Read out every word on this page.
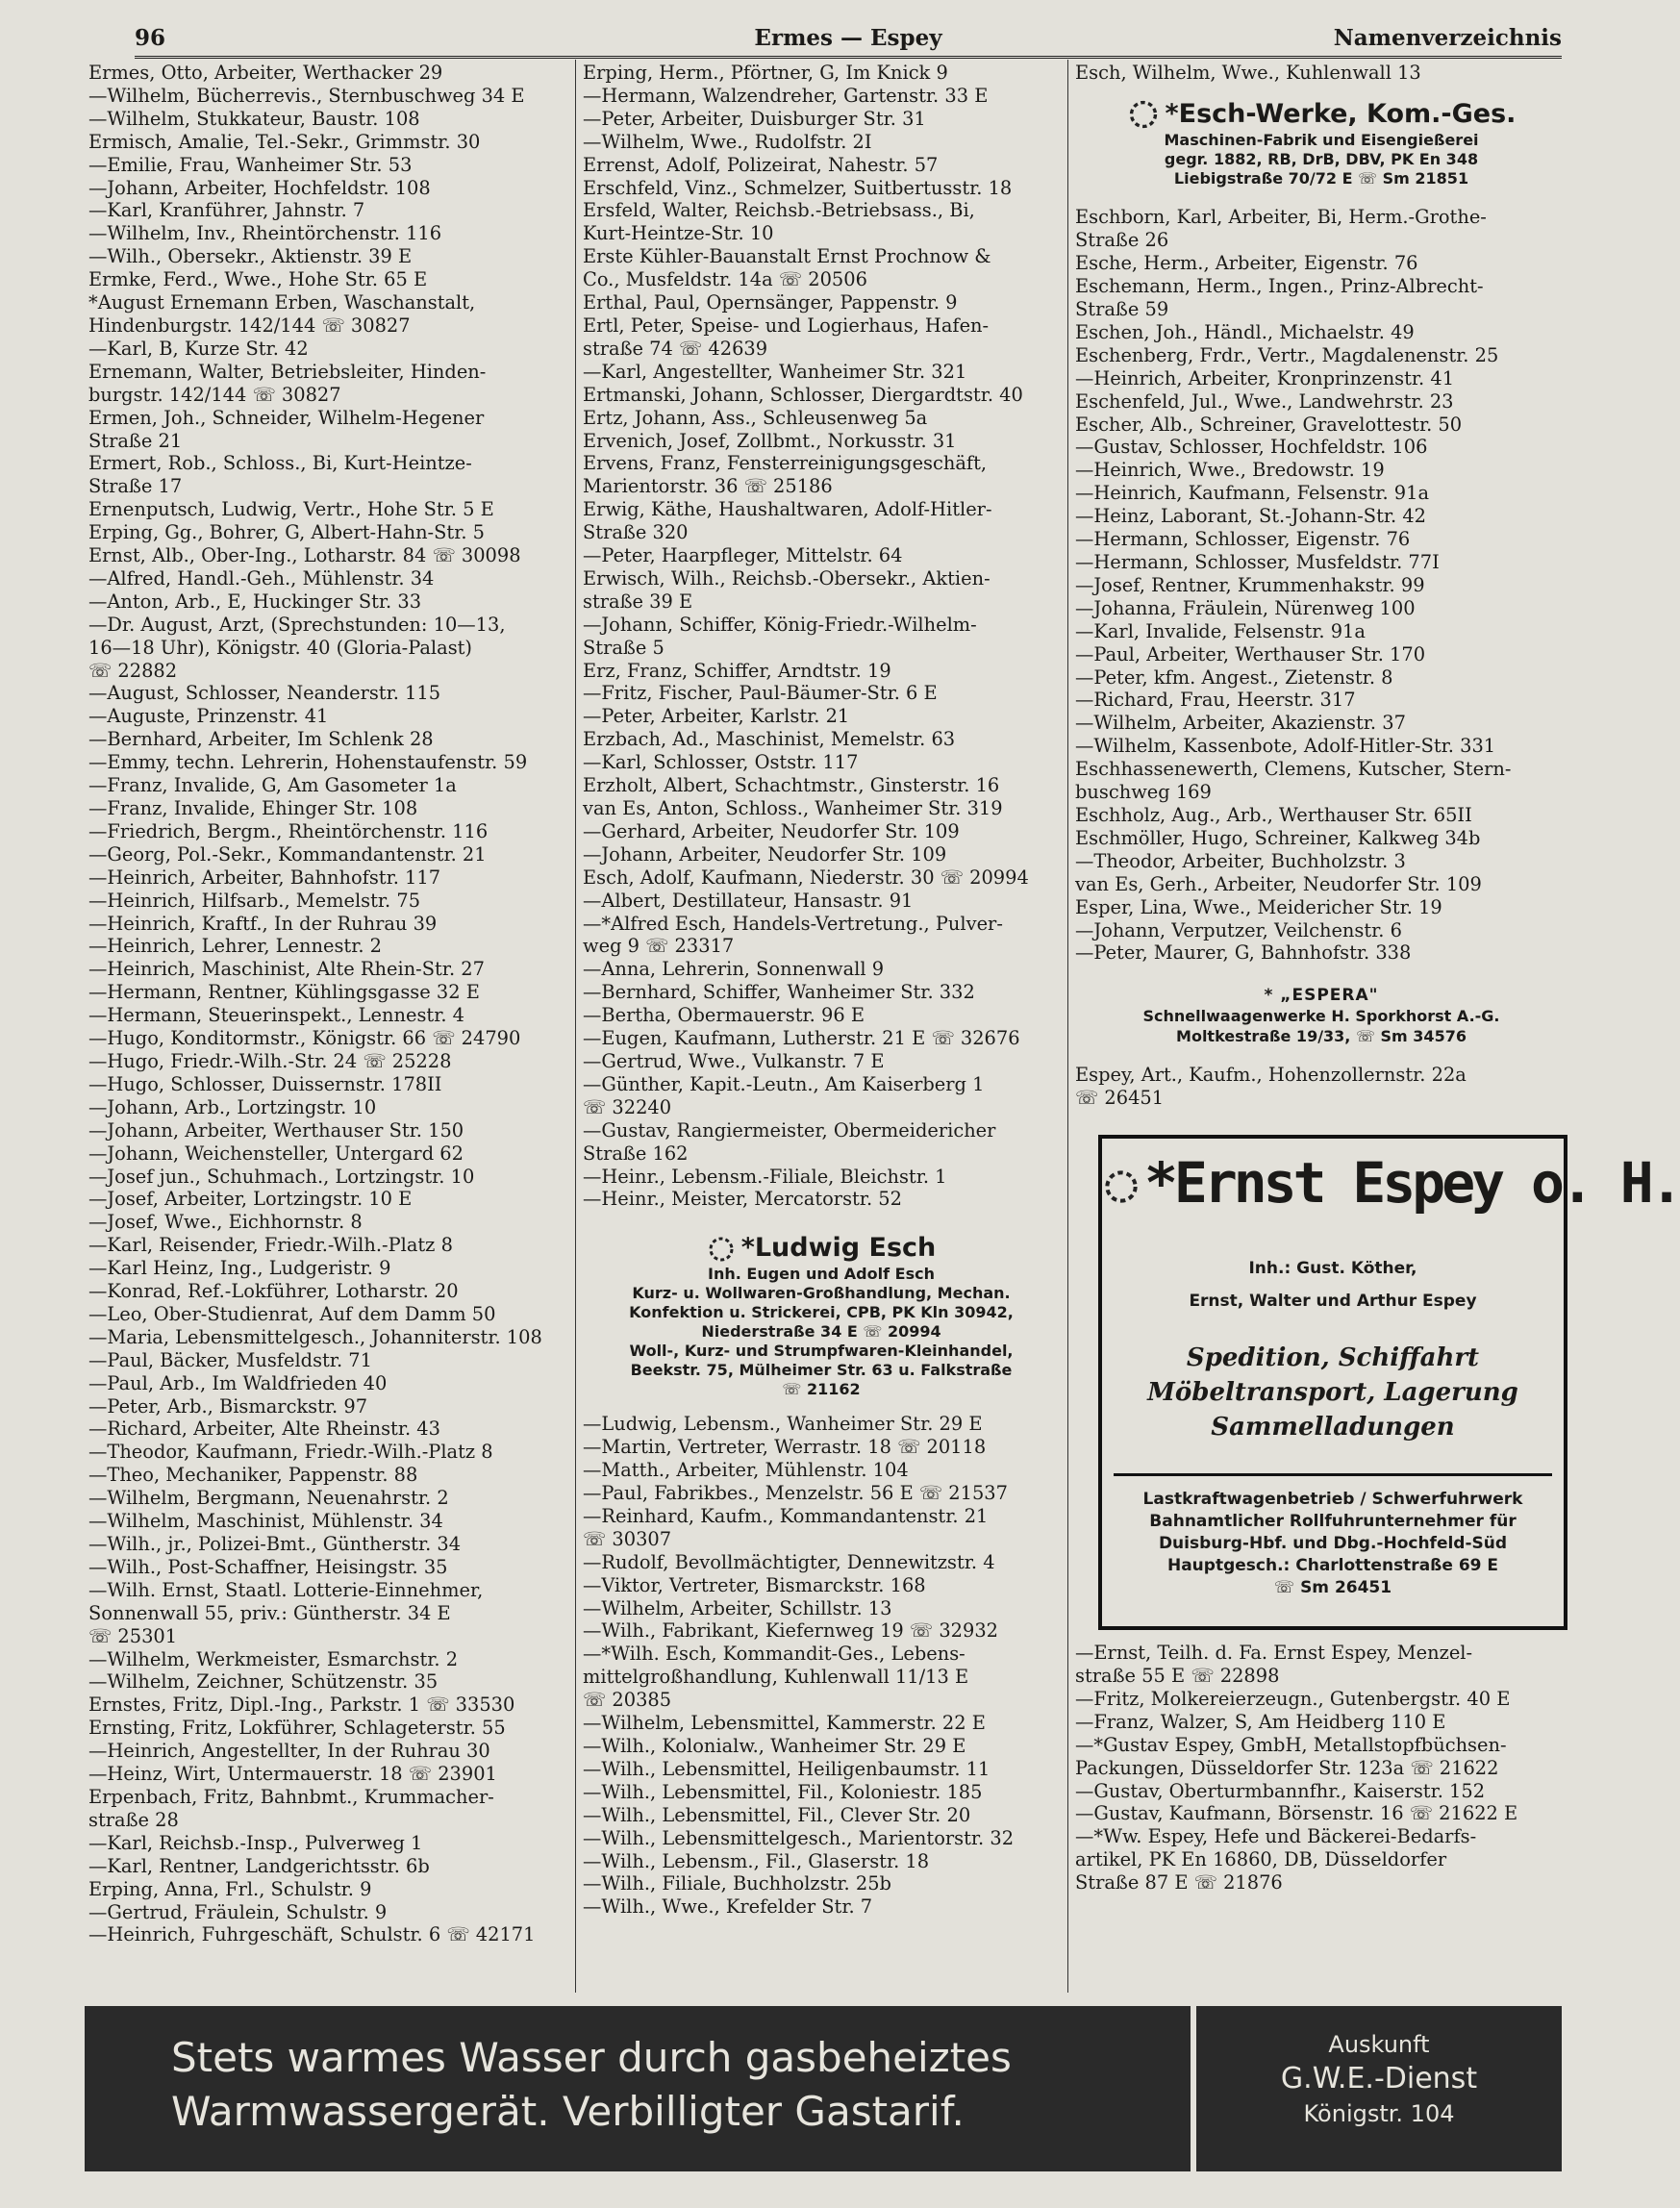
96	Ermes — Espey	Namenverzeichnis
Ermes, Otto, Arbeiter, Werthacker 29
—Wilhelm, Bücherrevis., Sternbuschweg 34 E
—Wilhelm, Stukkateur, Baustr. 108
Ermisch, Amalie, Tel.-Sekr., Grimmstr. 30
—Emilie, Frau, Wanheimer Str. 53
—Johann, Arbeiter, Hochfeldstr. 108
—Karl, Kranführer, Jahnstr. 7
—Wilhelm, Inv., Rheintörchenstr. 116
—Wilh., Obersekr., Aktienstr. 39 E
Ermke, Ferd., Wwe., Hohe Str. 65 E
*August Ernemann Erben, Waschanstalt,
Hindenburgstr. 142/144 ☏ 30827
—Karl, B, Kurze Str. 42
Ernemann, Walter, Betriebsleiter, Hinden-
burgstr. 142/144 ☏ 30827
Ermen, Joh., Schneider, Wilhelm-Hegener
Straße 21
Ermert, Rob., Schloss., Bi, Kurt-Heintze-
Straße 17
Ernenputsch, Ludwig, Vertr., Hohe Str. 5 E
Erping, Gg., Bohrer, G, Albert-Hahn-Str. 5
Ernst, Alb., Ober-Ing., Lotharstr. 84 ☏ 30098
—Alfred, Handl.-Geh., Mühlenstr. 34
—Anton, Arb., E, Huckinger Str. 33
—Dr. August, Arzt, (Sprechstunden: 10—13,
16—18 Uhr), Königstr. 40 (Gloria-Palast)
☏ 22882
—August, Schlosser, Neanderstr. 115
—Auguste, Prinzenstr. 41
—Bernhard, Arbeiter, Im Schlenk 28
—Emmy, techn. Lehrerin, Hohenstaufenstr. 59
—Franz, Invalide, G, Am Gasometer 1a
—Franz, Invalide, Ehinger Str. 108
—Friedrich, Bergm., Rheintörchenstr. 116
—Georg, Pol.-Sekr., Kommandantenstr. 21
—Heinrich, Arbeiter, Bahnhofstr. 117
—Heinrich, Hilfsarb., Memelstr. 75
—Heinrich, Kraftf., In der Ruhrau 39
—Heinrich, Lehrer, Lennestr. 2
—Heinrich, Maschinist, Alte Rhein-Str. 27
—Hermann, Rentner, Kühlingsgasse 32 E
—Hermann, Steuerinspekt., Lennestr. 4
—Hugo, Konditormstr., Königstr. 66 ☏ 24790
—Hugo, Friedr.-Wilh.-Str. 24 ☏ 25228
—Hugo, Schlosser, Duissernstr. 178II
—Johann, Arb., Lortzingstr. 10
—Johann, Arbeiter, Werthauser Str. 150
—Johann, Weichensteller, Untergard 62
—Josef jun., Schuhmach., Lortzingstr. 10
—Josef, Arbeiter, Lortzingstr. 10 E
—Josef, Wwe., Eichhornstr. 8
—Karl, Reisender, Friedr.-Wilh.-Platz 8
—Karl Heinz, Ing., Ludgeristr. 9
—Konrad, Ref.-Lokführer, Lotharstr. 20
—Leo, Ober-Studienrat, Auf dem Damm 50
—Maria, Lebensmittelgesch., Johanniterstr. 108
—Paul, Bäcker, Musfeldstr. 71
—Paul, Arb., Im Waldfrieden 40
—Peter, Arb., Bismarckstr. 97
—Richard, Arbeiter, Alte Rheinstr. 43
—Theodor, Kaufmann, Friedr.-Wilh.-Platz 8
—Theo, Mechaniker, Pappenstr. 88
—Wilhelm, Bergmann, Neuenahrstr. 2
—Wilhelm, Maschinist, Mühlenstr. 34
—Wilh., jr., Polizei-Bmt., Güntherstr. 34
—Wilh., Post-Schaffner, Heisingstr. 35
—Wilh. Ernst, Staatl. Lotterie-Einnehmer,
Sonnenwall 55, priv.: Güntherstr. 34 E
☏ 25301
—Wilhelm, Werkmeister, Esmarchstr. 2
—Wilhelm, Zeichner, Schützenstr. 35
Ernstes, Fritz, Dipl.-Ing., Parkstr. 1 ☏ 33530
Ernsting, Fritz, Lokführer, Schlageterstr. 55
—Heinrich, Angestellter, In der Ruhrau 30
—Heinz, Wirt, Untermauerstr. 18 ☏ 23901
Erpenbach, Fritz, Bahnbmt., Krummacher-
straße 28
—Karl, Reichsb.-Insp., Pulverweg 1
—Karl, Rentner, Landgerichtsstr. 6b
Erping, Anna, Frl., Schulstr. 9
—Gertrud, Fräulein, Schulstr. 9
—Heinrich, Fuhrgeschäft, Schulstr. 6 ☏ 42171
Erping, Herm., Pförtner, G, Im Knick 9
—Hermann, Walzendreher, Gartenstr. 33 E
—Peter, Arbeiter, Duisburger Str. 31
—Wilhelm, Wwe., Rudolfstr. 2I
Errenst, Adolf, Polizeirat, Nahestr. 57
Erschfeld, Vinz., Schmelzer, Suitbertusstr. 18
Ersfeld, Walter, Reichsb.-Betriebsass., Bi,
Kurt-Heintze-Str. 10
Erste Kühler-Bauanstalt Ernst Prochnow &
Co., Musfeldstr. 14a ☏ 20506
Erthal, Paul, Opernsänger, Pappenstr. 9
Ertl, Peter, Speise- und Logierhaus, Hafen-
straße 74 ☏ 42639
—Karl, Angestellter, Wanheimer Str. 321
Ertmanski, Johann, Schlosser, Diergardtstr. 40
Ertz, Johann, Ass., Schleusenweg 5a
Ervenich, Josef, Zollbmt., Norkusstr. 31
Ervens, Franz, Fensterreinigungsgeschäft,
Marientorstr. 36 ☏ 25186
Erwig, Käthe, Haushaltwaren, Adolf-Hitler-
Straße 320
—Peter, Haarpfleger, Mittelstr. 64
Erwisch, Wilh., Reichsb.-Obersekr., Aktien-
straße 39 E
—Johann, Schiffer, König-Friedr.-Wilhelm-
Straße 5
Erz, Franz, Schiffer, Arndtstr. 19
—Fritz, Fischer, Paul-Bäumer-Str. 6 E
—Peter, Arbeiter, Karlstr. 21
Erzbach, Ad., Maschinist, Memelstr. 63
—Karl, Schlosser, Oststr. 117
Erzholt, Albert, Schachtmstr., Ginsterstr. 16
van Es, Anton, Schloss., Wanheimer Str. 319
—Gerhard, Arbeiter, Neudorfer Str. 109
—Johann, Arbeiter, Neudorfer Str. 109
Esch, Adolf, Kaufmann, Niederstr. 30 ☏ 20994
—Albert, Destillateur, Hansastr. 91
—*Alfred Esch, Handels-Vertretung., Pulver-
weg 9 ☏ 23317
—Anna, Lehrerin, Sonnenwall 9
—Bernhard, Schiffer, Wanheimer Str. 332
—Bertha, Obermauerstr. 96 E
—Eugen, Kaufmann, Lutherstr. 21 E ☏ 32676
—Gertrud, Wwe., Vulkanstr. 7 E
—Günther, Kapit.-Leutn., Am Kaiserberg 1
☏ 32240
—Gustav, Rangiermeister, Obermeidericher
Straße 162
—Heinr., Lebensm.-Filiale, Bleichstr. 1
—Heinr., Meister, Mercatorstr. 52
*Ludwig Esch
Inh. Eugen und Adolf Esch
Kurz- u. Wollwaren-Großhandlung, Mechan.
Konfektion u. Strickerei, CPB, PK Kln 30942,
Niederstraße 34 E ☏ 20994
Woll-, Kurz- und Strumpfwaren-Kleinhandel,
Beekstr. 75, Mülheimer Str. 63 u. Falkstraße
☏ 21162
—Ludwig, Lebensm., Wanheimer Str. 29 E
—Martin, Vertreter, Werrastr. 18 ☏ 20118
—Matth., Arbeiter, Mühlenstr. 104
—Paul, Fabrikbes., Menzelstr. 56 E ☏ 21537
—Reinhard, Kaufm., Kommandantenstr. 21
☏ 30307
—Rudolf, Bevollmächtigter, Dennewitzstr. 4
—Viktor, Vertreter, Bismarckstr. 168
—Wilhelm, Arbeiter, Schillstr. 13
—Wilh., Fabrikant, Kiefernweg 19 ☏ 32932
—*Wilh. Esch, Kommandit-Ges., Lebens-
mittelgroßhandlung, Kuhlenwall 11/13 E
☏ 20385
—Wilhelm, Lebensmittel, Kammerstr. 22 E
—Wilh., Kolonialw., Wanheimer Str. 29 E
—Wilh., Lebensmittel, Heiligenbaumstr. 11
—Wilh., Lebensmittel, Fil., Koloniestr. 185
—Wilh., Lebensmittel, Fil., Clever Str. 20
—Wilh., Lebensmittelgesch., Marientorstr. 32
—Wilh., Lebensm., Fil., Glaserstr. 18
—Wilh., Filiale, Buchholzstr. 25b
—Wilh., Wwe., Krefelder Str. 7
Esch, Wilhelm, Wwe., Kuhlenwall 13
*Esch-Werke, Kom.-Ges.
Maschinen-Fabrik und Eisengießerei
gegr. 1882, RB, DrB, DBV, PK En 348
Liebigstraße 70/72 E ☏ Sm 21851
Eschborn, Karl, Arbeiter, Bi, Herm.-Grothe-
Straße 26
Esche, Herm., Arbeiter, Eigenstr. 76
Eschemann, Herm., Ingen., Prinz-Albrecht-
Straße 59
Eschen, Joh., Händl., Michaelstr. 49
Eschenberg, Frdr., Vertr., Magdalenenstr. 25
—Heinrich, Arbeiter, Kronprinzenstr. 41
Eschenfeld, Jul., Wwe., Landwehrstr. 23
Escher, Alb., Schreiner, Gravelottestr. 50
—Gustav, Schlosser, Hochfeldstr. 106
—Heinrich, Wwe., Bredowstr. 19
—Heinrich, Kaufmann, Felsenstr. 91a
—Heinz, Laborant, St.-Johann-Str. 42
—Hermann, Schlosser, Eigenstr. 76
—Hermann, Schlosser, Musfeldstr. 77I
—Josef, Rentner, Krummenhakstr. 99
—Johanna, Fräulein, Nürenweg 100
—Karl, Invalide, Felsenstr. 91a
—Paul, Arbeiter, Werthauser Str. 170
—Peter, kfm. Angest., Zietenstr. 8
—Richard, Frau, Heerstr. 317
—Wilhelm, Arbeiter, Akazienstr. 37
—Wilhelm, Kassenbote, Adolf-Hitler-Str. 331
Eschhassenewerth, Clemens, Kutscher, Stern-
buschweg 169
Eschholz, Aug., Arb., Werthauser Str. 65II
Eschmöller, Hugo, Schreiner, Kalkweg 34b
—Theodor, Arbeiter, Buchholzstr. 3
van Es, Gerh., Arbeiter, Neudorfer Str. 109
Esper, Lina, Wwe., Meidericher Str. 19
—Johann, Verputzer, Veilchenstr. 6
—Peter, Maurer, G, Bahnhofstr. 338
* „ESPERA"
Schnellwaagenwerke H. Sporkhorst A.-G.
Moltkestraße 19/33, ☏ Sm 34576
Espey, Art., Kaufm., Hohenzollernstr. 22a
☏ 26451
*Ernst Espey o. H.
Inh.: Gust. Köther,
Ernst, Walter und Arthur Espey
Spedition, Schiffahrt
Möbeltransport, Lagerung
Sammelladungen
Lastkraftwagenbetrieb / Schwerfuhrwerk
Bahnamtlicher Rollfuhrunternehmer für
Duisburg-Hbf. und Dbg.-Hochfeld-Süd
Hauptgesch.: Charlottenstraße 69 E
☏ Sm 26451
—Ernst, Teilh. d. Fa. Ernst Espey, Menzel-
straße 55 E ☏ 22898
—Fritz, Molkereierzeugn., Gutenbergstr. 40 E
—Franz, Walzer, S, Am Heidberg 110 E
—*Gustav Espey, GmbH, Metallstopfbüchsen-
Packungen, Düsseldorfer Str. 123a ☏ 21622
—Gustav, Oberturmbannfhr., Kaiserstr. 152
—Gustav, Kaufmann, Börsenstr. 16 ☏ 21622 E
—*Ww. Espey, Hefe und Bäckerei-Bedarfs-
artikel, PK En 16860, DB, Düsseldorfer
Straße 87 E ☏ 21876
Stets warmes Wasser durch gasbeheiztes
Warmwassergerät. Verbilligter Gastarif.
Auskunft
G.W.E.-Dienst
Königstr. 104
